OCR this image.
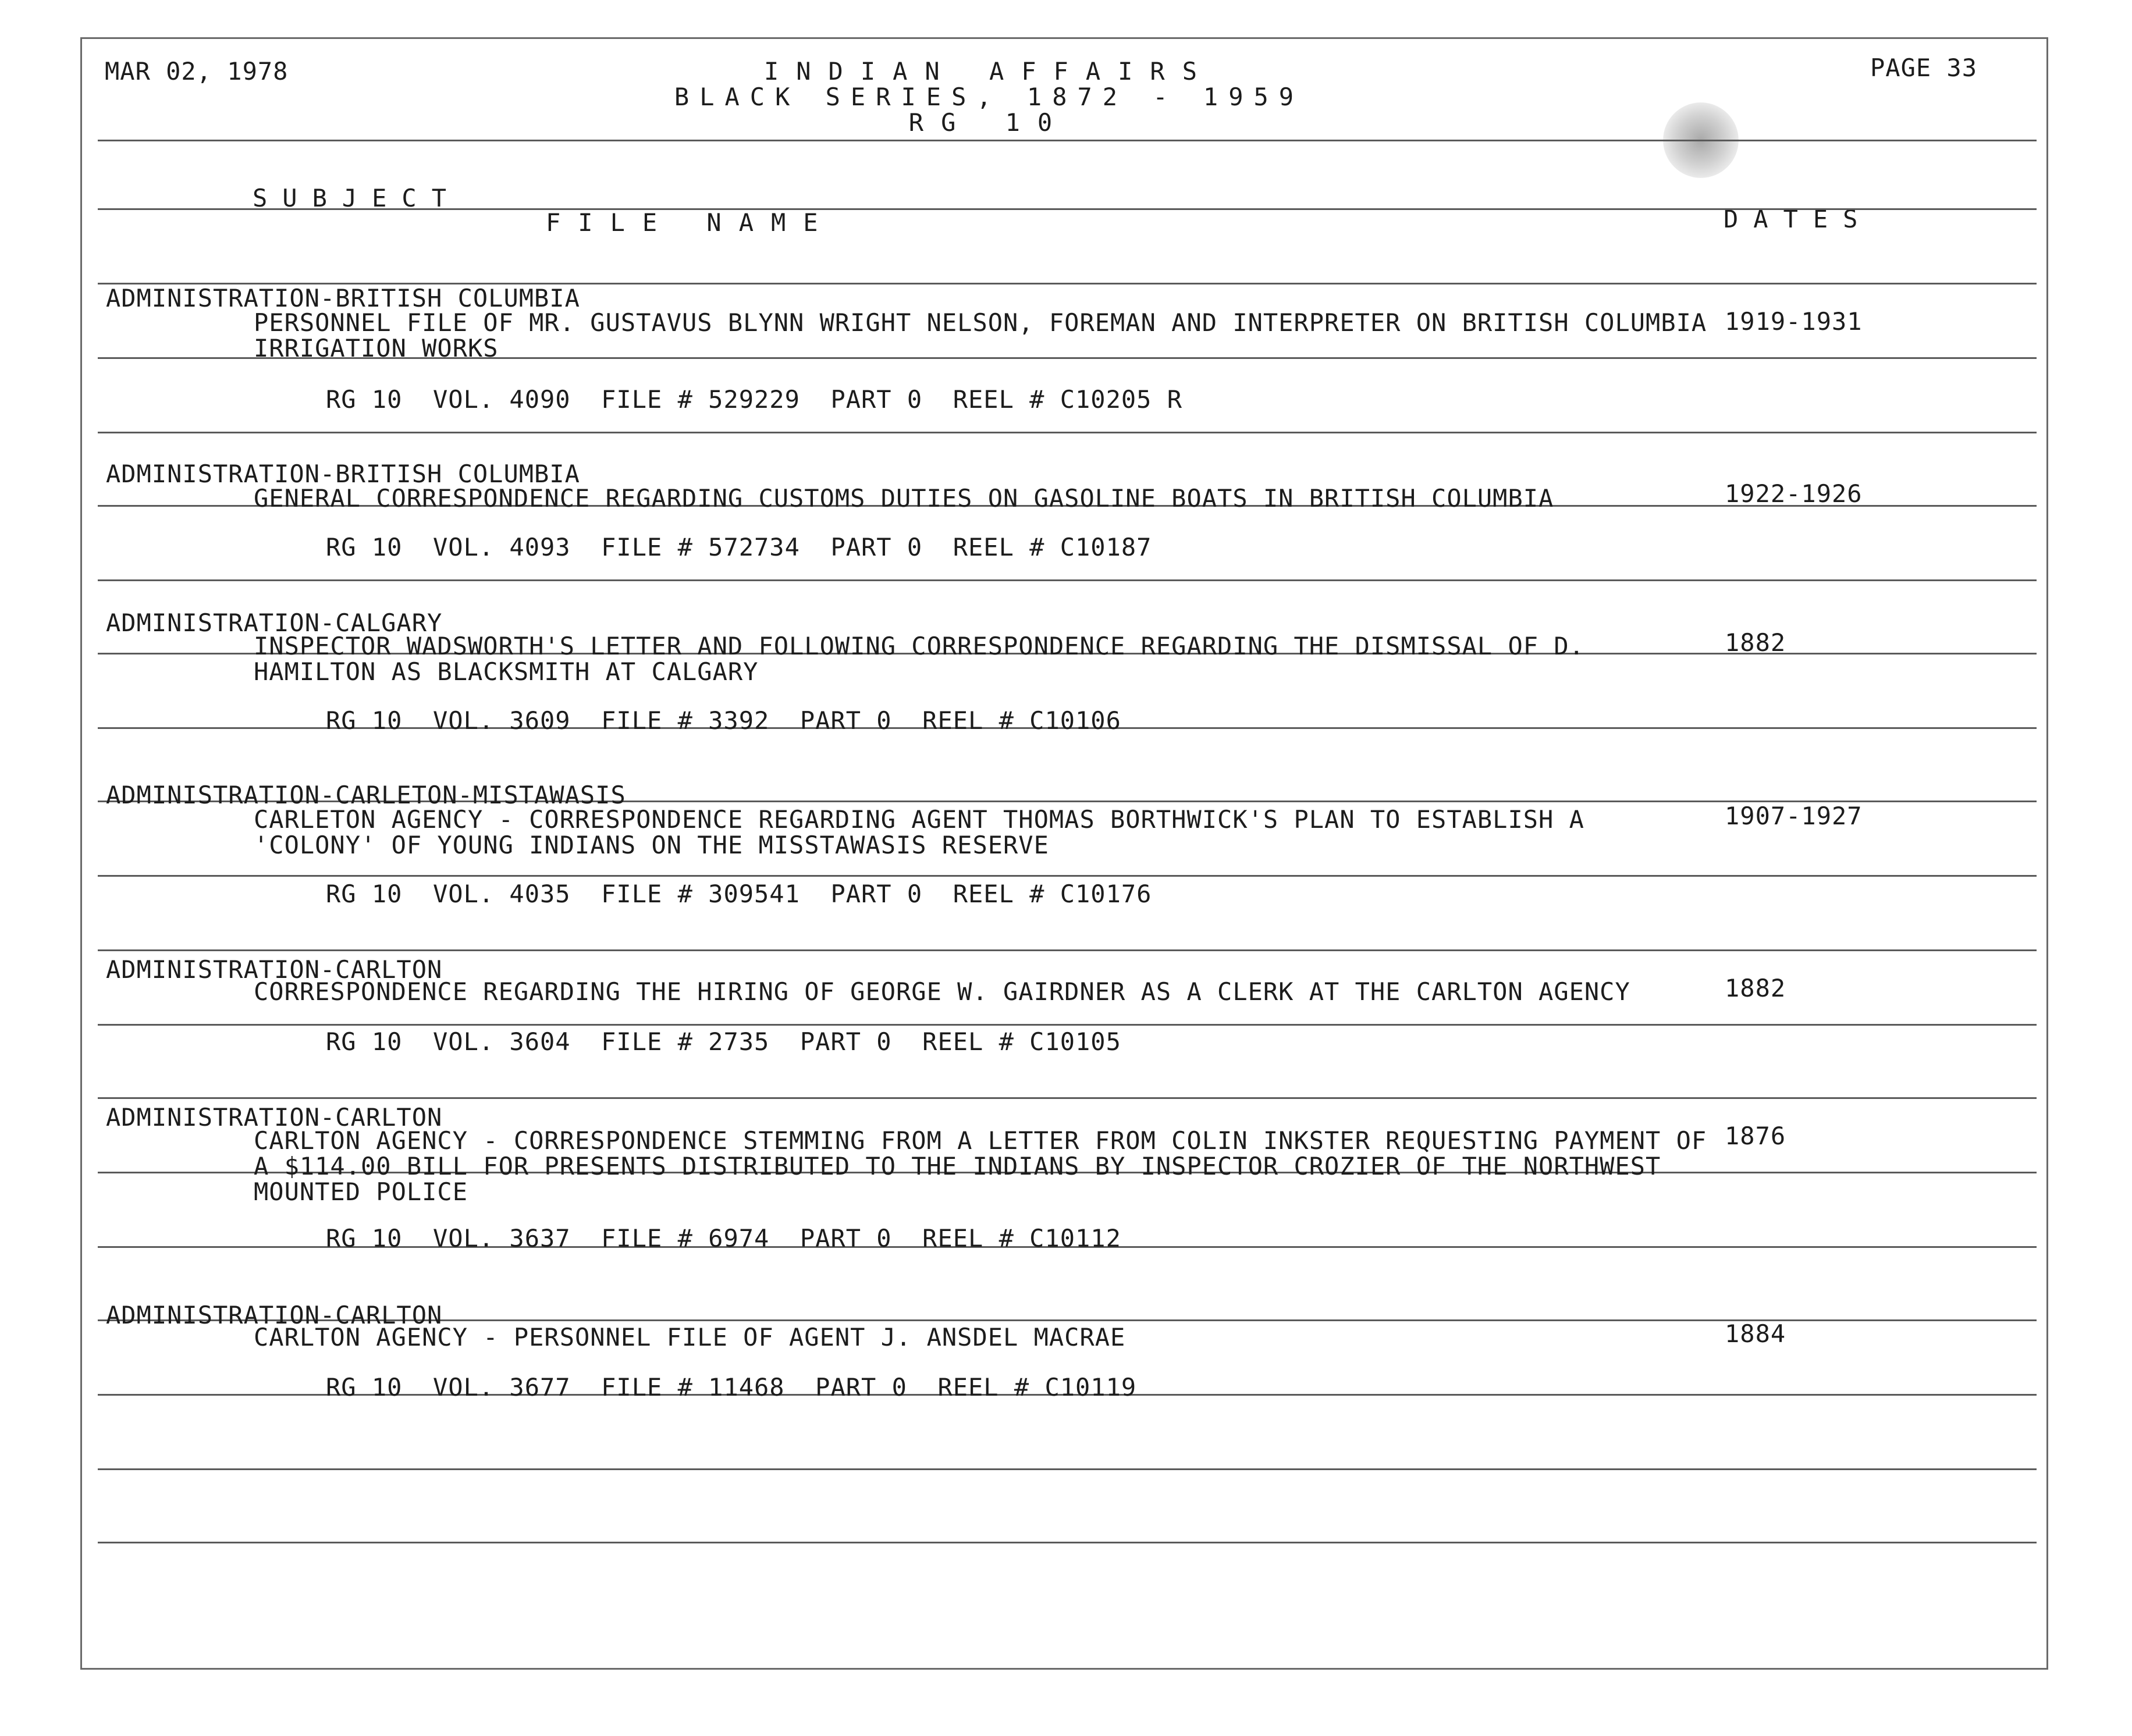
MAR 02, 1978	INDIAN AFFAIRS
BLACK SERIES, 1872 - 1959
RG 10
PAGE 33
SUBJECT
FILE NAME	DATES
ADMINISTRATION-BRITISH COLUMBIA
PERSONNEL FILE OF MR. GUSTAVUS BLYNN WRIGHT NELSON, FOREMAN AND INTERPRETER ON BRITISH COLUMBIA
IRRIGATION WORKS
1919-1931
RG 10  VOL. 4090  FILE # 529229  PART 0  REEL # C10205 R
ADMINISTRATION-BRITISH COLUMBIA
GENERAL CORRESPONDENCE REGARDING CUSTOMS DUTIES ON GASOLINE BOATS IN BRITISH COLUMBIA	1922-1926
RG 10  VOL. 4093  FILE # 572734  PART 0  REEL # C10187
ADMINISTRATION-CALGARY
INSPECTOR WADSWORTH'S LETTER AND FOLLOWING CORRESPONDENCE REGARDING THE DISMISSAL OF D.
HAMILTON AS BLACKSMITH AT CALGARY
1882
RG 10  VOL. 3609  FILE # 3392  PART 0  REEL # C10106
ADMINISTRATION-CARLETON-MISTAWASIS
CARLETON AGENCY - CORRESPONDENCE REGARDING AGENT THOMAS BORTHWICK'S PLAN TO ESTABLISH A
'COLONY' OF YOUNG INDIANS ON THE MISSTAWASIS RESERVE
1907-1927
RG 10  VOL. 4035  FILE # 309541  PART 0  REEL # C10176
ADMINISTRATION-CARLTON
CORRESPONDENCE REGARDING THE HIRING OF GEORGE W. GAIRDNER AS A CLERK AT THE CARLTON AGENCY	1882
RG 10  VOL. 3604  FILE # 2735  PART 0  REEL # C10105
ADMINISTRATION-CARLTON
CARLTON AGENCY - CORRESPONDENCE STEMMING FROM A LETTER FROM COLIN INKSTER REQUESTING PAYMENT OF
A $114.00 BILL FOR PRESENTS DISTRIBUTED TO THE INDIANS BY INSPECTOR CROZIER OF THE NORTHWEST
MOUNTED POLICE
1876
RG 10  VOL. 3637  FILE # 6974  PART 0  REEL # C10112
ADMINISTRATION-CARLTON
CARLTON AGENCY - PERSONNEL FILE OF AGENT J. ANSDEL MACRAE	1884
RG 10  VOL. 3677  FILE # 11468  PART 0  REEL # C10119
